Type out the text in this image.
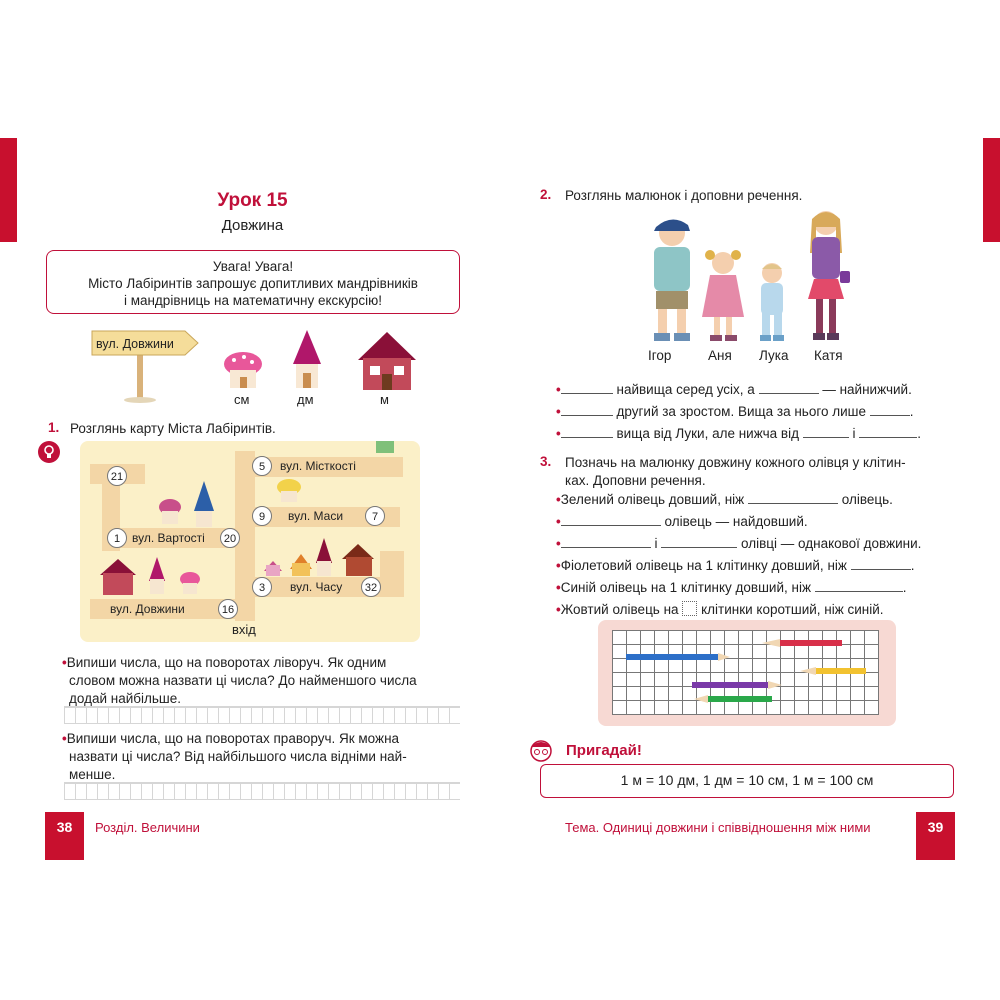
Урок 15
Довжина
Увага! Увага!
Місто Лабіринтів запрошує допитливих мандрівників
і мандрівниць на математичну екскурсію!
вул. Довжини
см	дм	м
1. Розглянь карту Міста Лабіринтів.
21
5
9	7
1	20
3	32
16
вул. Місткості
вул. Маси
вул. Вартості
вул. Часу
вул. Довжини
вхід
•Випиши числа, що на поворотах ліворуч. Як одним
словом можна назвати ці числа? До найменшого числа
додай найбільше.
•Випиши числа, що на поворотах праворуч. Як можна
назвати ці числа? Від найбільшого числа відніми най-
менше.
38	Розділ. Величини
2. Розглянь малюнок і доповни речення.
Ігор	Аня Лука Катя
•	найвища серед усіх, а	— найнижчий.
•	другий за зростом. Вища за нього лише	.
•	вища від Луки, але нижча від	і	.
3. Позначь на малюнку довжину кожного олівця у клітин-
ках. Доповни речення.
•Зелений олівець довший, ніж	олівець.
•	олівець — найдовший.
•	і	олівці — однакової довжини.
•Фіолетовий олівець на 1 клітинку довший, ніж	.
•Синій олівець на 1 клітинку довший, ніж	.
•Жовтий олівець на клітинки коротший, ніж синій.
Пригадай!
1 м = 10 дм, 1 дм = 10 см, 1 м = 100 см
Тема. Одиниці довжини і співвідношення між ними	39
